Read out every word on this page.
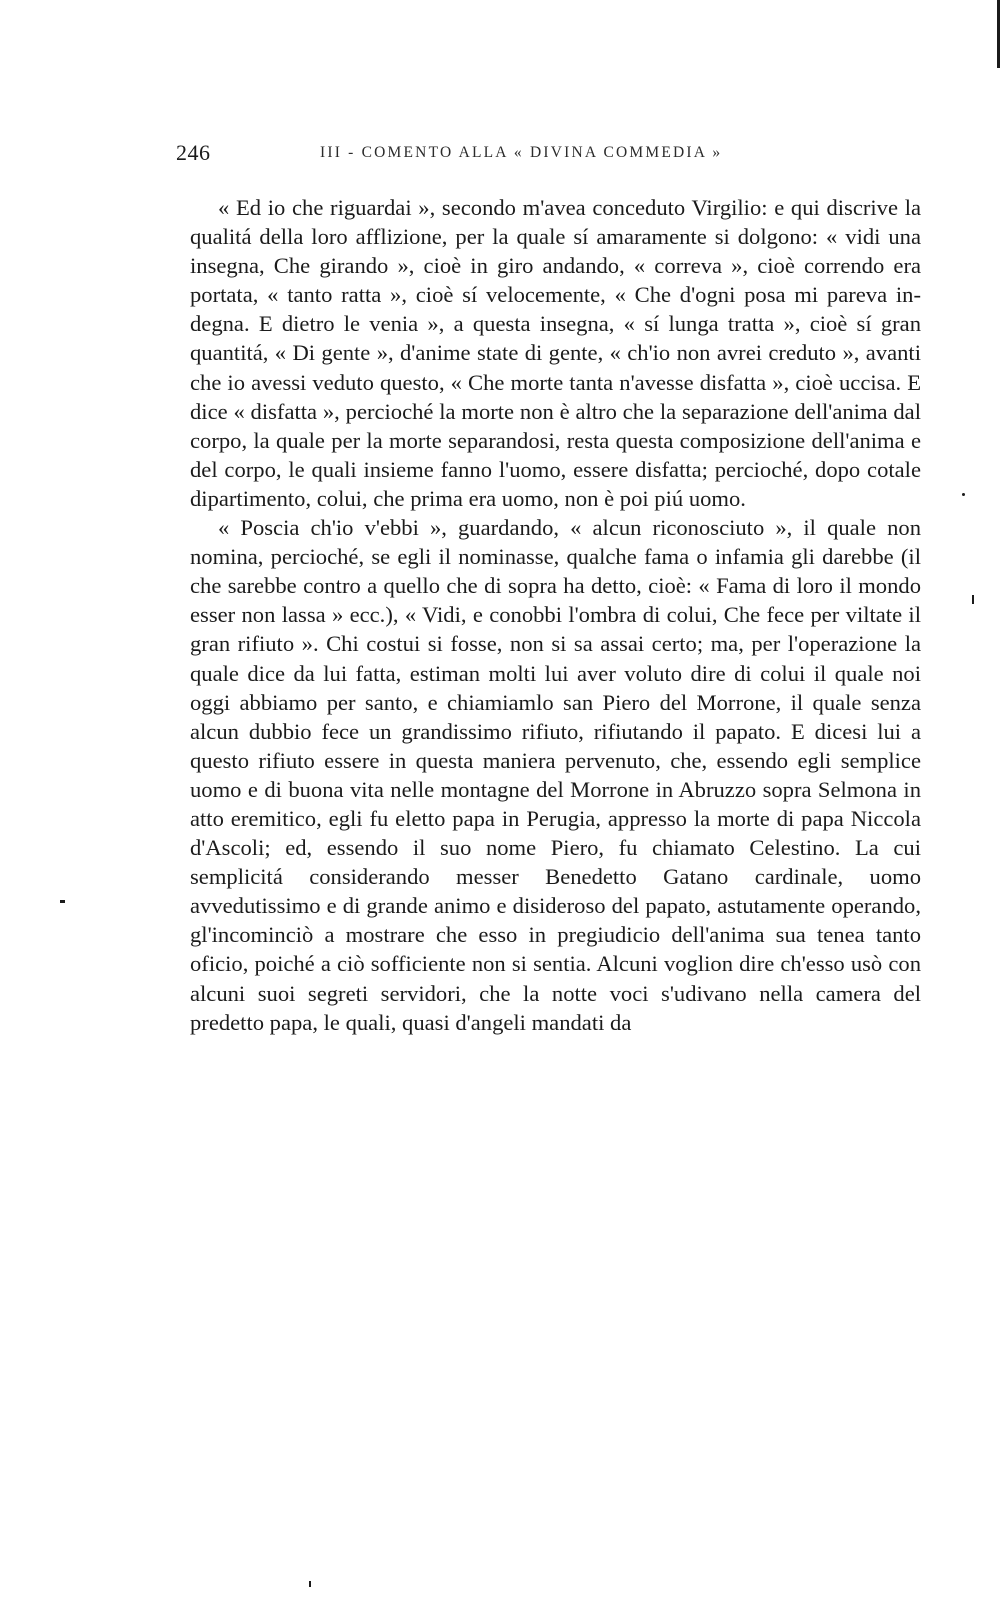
246	III - COMENTO ALLA « DIVINA COMMEDIA »

« Ed io che riguardai », secondo m'avea conceduto Virgilio: e qui discrive la qualitá della loro afflizione, per la quale sí amaramente si dolgono: « vidi una insegna, Che girando », cioè in giro andando, « correva », cioè correndo era portata, « tanto ratta », cioè sí velocemente, « Che d'ogni posa mi pareva indegna. E dietro le venia », a questa insegna, « sí lunga tratta », cioè sí gran quantitá, « Di gente », d'anime state di gente, « ch'io non avrei creduto », avanti che io avessi veduto questo, « Che morte tanta n'avesse disfatta », cioè uccisa. E dice « disfatta », percioché la morte non è altro che la separazione dell'anima dal corpo, la quale per la morte separandosi, resta questa composizione dell'anima e del corpo, le quali insieme fanno l'uomo, essere disfatta; percioché, dopo cotale dipartimento, colui, che prima era uomo, non è poi piú uomo.

« Poscia ch'io v'ebbi », guardando, « alcun riconosciuto », il quale non nomina, percioché, se egli il nominasse, qualche fama o infamia gli darebbe (il che sarebbe contro a quello che di sopra ha detto, cioè: « Fama di loro il mondo esser non lassa » ecc.), « Vidi, e conobbi l'ombra di colui, Che fece per viltate il gran rifiuto ». Chi costui si fosse, non si sa assai certo; ma, per l'operazione la quale dice da lui fatta, estiman molti lui aver voluto dire di colui il quale noi oggi abbiamo per santo, e chiamiamlo san Piero del Morrone, il quale senza alcun dubbio fece un grandissimo rifiuto, rifiutando il papato. E dicesi lui a questo rifiuto essere in questa maniera pervenuto, che, essendo egli semplice uomo e di buona vita nelle montagne del Morrone in Abruzzo sopra Selmona in atto eremitico, egli fu eletto papa in Perugia, appresso la morte di papa Niccola d'Ascoli; ed, essendo il suo nome Piero, fu chiamato Celestino. La cui semplicitá considerando messer Benedetto Gatano cardinale, uomo avvedutissimo e di grande animo e disideroso del papato, astutamente operando, gl'incominciò a mostrare che esso in pregiudicio dell'anima sua tenea tanto oficio, poiché a ciò sofficiente non si sentia. Alcuni voglion dire ch'esso usò con alcuni suoi segreti servidori, che la notte voci s'udivano nella camera del predetto papa, le quali, quasi d'angeli mandati da
